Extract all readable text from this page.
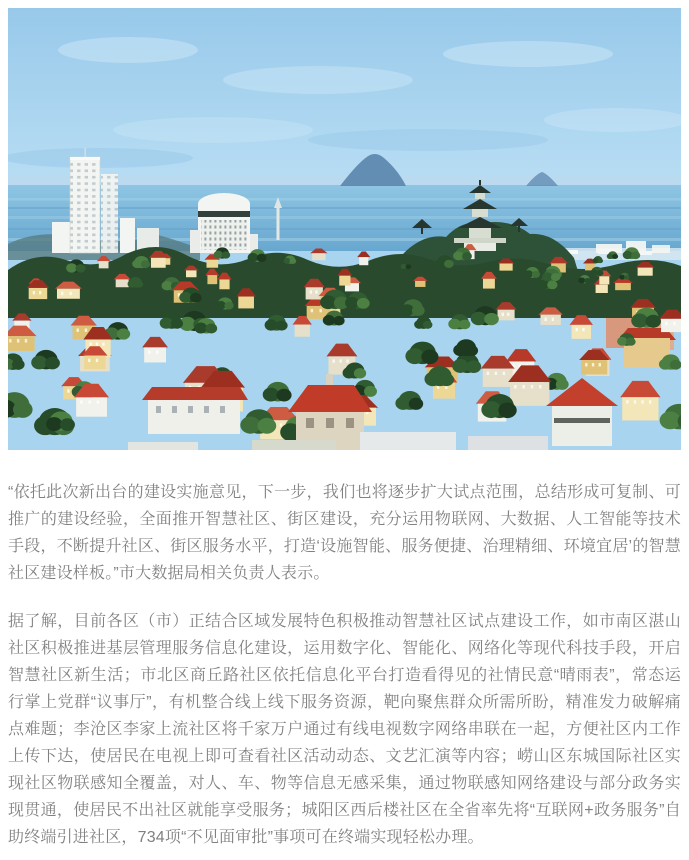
“依托此次新出台的建设实施意见，下一步，我们也将逐步扩大试点范围，总结形成可复制、可推广的建设经验，全面推开智慧社区、街区建设，充分运用物联网、大数据、人工智能等技术手段，不断提升社区、街区服务水平，打造‘设施智能、服务便捷、治理精细、环境宜居’的智慧社区建设样板。”市大数据局相关负责人表示。

据了解，目前各区（市）正结合区域发展特色积极推动智慧社区试点建设工作，如市南区湛山社区积极推进基层管理服务信息化建设，运用数字化、智能化、网络化等现代科技手段，开启智慧社区新生活；市北区商丘路社区依托信息化平台打造看得见的社情民意“晴雨表”，常态运行掌上党群“议事厅”，有机整合线上线下服务资源，靶向聚焦群众所需所盼，精准发力破解痛点难题；李沧区李家上流社区将千家万户通过有线电视数字网络串联在一起，方便社区内工作上传下达，使居民在电视上即可查看社区活动动态、文艺汇演等内容；崂山区东城国际社区实现社区物联感知全覆盖，对人、车、物等信息无感采集，通过物联感知网络建设与部分政务实现贯通，使居民不出社区就能享受服务；城阳区西后楼社区在全省率先将“互联网+政务服务”自助终端引进社区，734项“不见面审批”事项可在终端实现轻松办理。
